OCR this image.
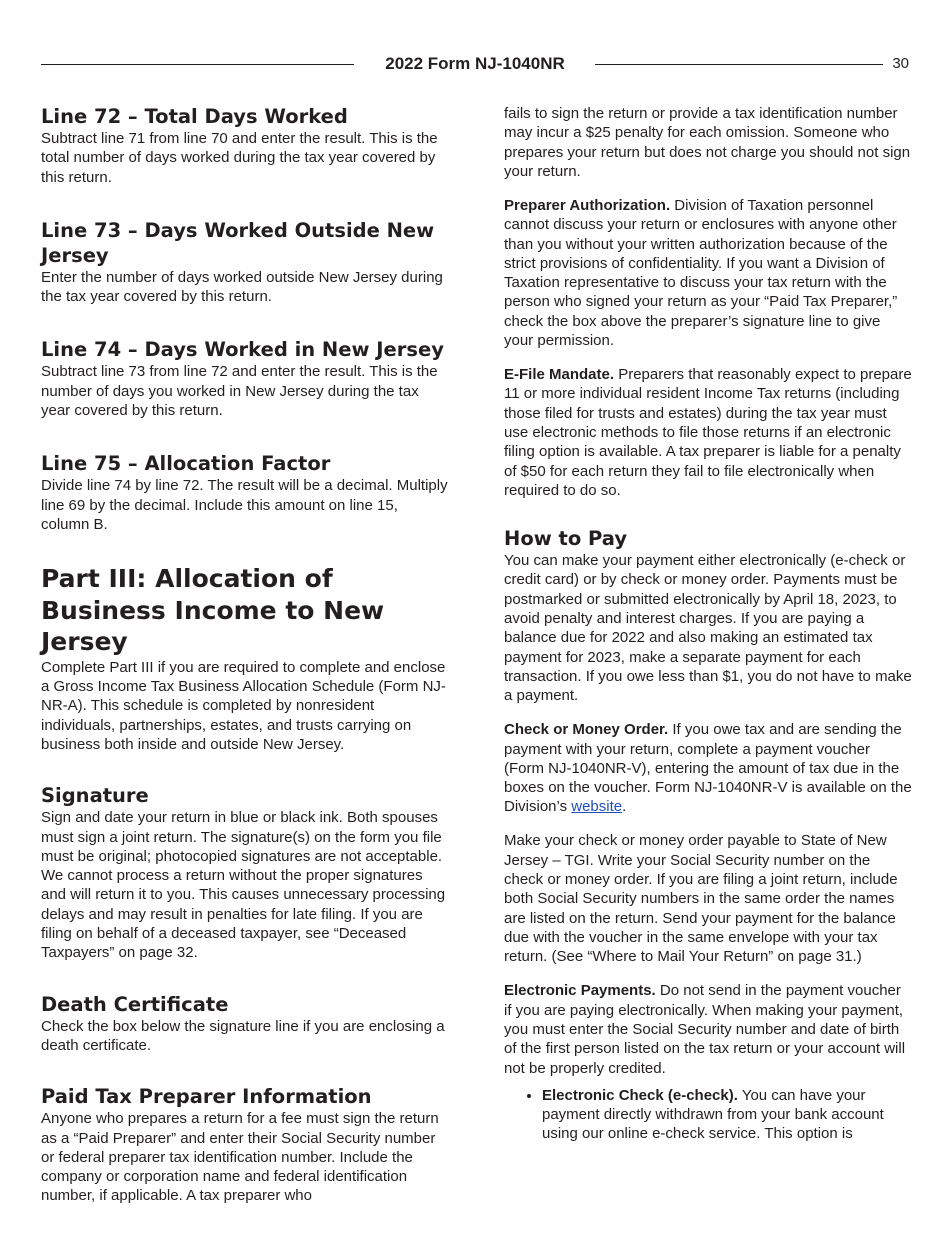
2022 Form NJ-1040NR	30
Line 72 – Total Days Worked

Subtract line 71 from line 70 and enter the result. This is the total number of days worked during the tax year covered by this return.

Line 73 – Days Worked Outside New Jersey

Enter the number of days worked outside New Jersey during the tax year covered by this return.

Line 74 – Days Worked in New Jersey

Subtract line 73 from line 72 and enter the result. This is the number of days you worked in New Jersey during the tax year covered by this return.

Line 75 – Allocation Factor

Divide line 74 by line 72. The result will be a decimal. Multiply line 69 by the decimal. Include this amount on line 15, column B.

Part III: Allocation of Business Income to New Jersey

Complete Part III if you are required to complete and enclose a Gross Income Tax Business Allocation Schedule (Form NJ-NR-A). This schedule is completed by nonresident individuals, partnerships, estates, and trusts carrying on business both inside and outside New Jersey.

Signature

Sign and date your return in blue or black ink. Both spouses must sign a joint return. The signature(s) on the form you file must be original; photocopied signatures are not acceptable. We cannot process a return without the proper signatures and will return it to you. This causes unnecessary processing delays and may result in penalties for late filing. If you are filing on behalf of a deceased taxpayer, see “Deceased Taxpayers” on page 32.

Death Certificate

Check the box below the signature line if you are enclosing a death certificate.

Paid Tax Preparer Information

Anyone who prepares a return for a fee must sign the return as a “Paid Preparer” and enter their Social Security number or federal preparer tax identification number. Include the company or corporation name and federal identification number, if applicable. A tax preparer who

fails to sign the return or provide a tax identification number may incur a $25 penalty for each omission. Someone who prepares your return but does not charge you should not sign your return.

Preparer Authorization. Division of Taxation personnel cannot discuss your return or enclosures with anyone other than you without your written authorization because of the strict provisions of confidentiality. If you want a Division of Taxation representative to discuss your tax return with the person who signed your return as your “Paid Tax Preparer,” check the box above the preparer’s signature line to give your permission.

E-File Mandate. Preparers that reasonably expect to prepare 11 or more individual resident Income Tax returns (including those filed for trusts and estates) during the tax year must use electronic methods to file those returns if an electronic filing option is available. A tax preparer is liable for a penalty of $50 for each return they fail to file electronically when required to do so.

How to Pay

You can make your payment either electronically (e-check or credit card) or by check or money order. Payments must be postmarked or submitted electronically by April 18, 2023, to avoid penalty and interest charges. If you are paying a balance due for 2022 and also making an estimated tax payment for 2023, make a separate payment for each transaction. If you owe less than $1, you do not have to make a payment.

Check or Money Order. If you owe tax and are sending the payment with your return, complete a payment voucher (Form NJ-1040NR-V), entering the amount of tax due in the boxes on the voucher. Form NJ-1040NR-V is available on the Division’s website.

Make your check or money order payable to State of New Jersey – TGI. Write your Social Security number on the check or money order. If you are filing a joint return, include both Social Security numbers in the same order the names are listed on the return. Send your payment for the balance due with the voucher in the same envelope with your tax return. (See “Where to Mail Your Return” on page 31.)

Electronic Payments. Do not send in the payment voucher if you are paying electronically. When making your payment, you must enter the Social Security number and date of birth of the first person listed on the tax return or your account will not be properly credited.

• Electronic Check (e-check). You can have your payment directly withdrawn from your bank account using our online e-check service. This option is
